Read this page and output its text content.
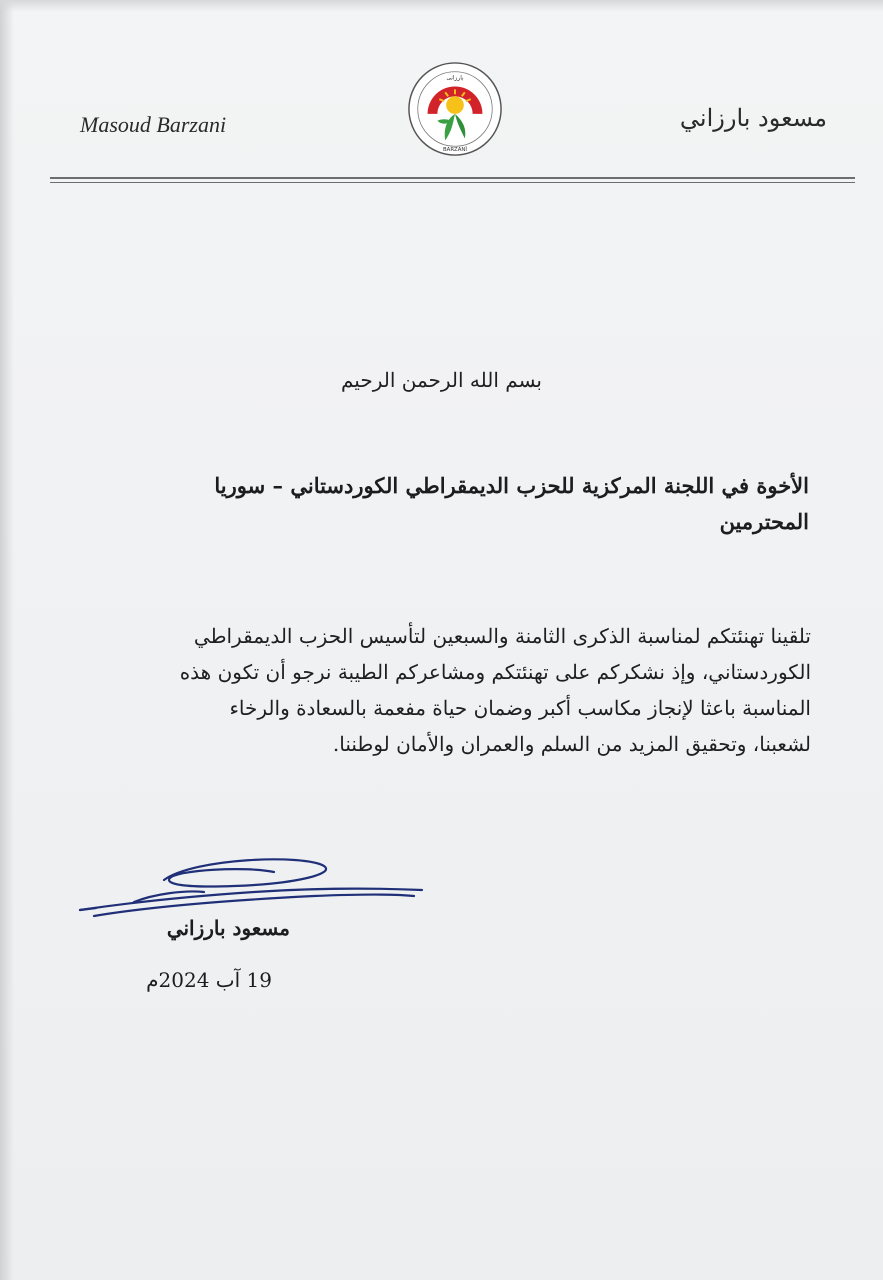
Masoud Barzani
بارزانی
BARZANÎ
مسعود بارزاني
بسم الله الرحمن الرحيم
الأخوة في اللجنة المركزية للحزب الديمقراطي الكوردستاني – سوريا
المحترمين
تلقينا تهنئتكم لمناسبة الذكرى الثامنة والسبعين لتأسيس الحزب الديمقراطي
الكوردستاني، وإذ نشكركم على تهنئتكم ومشاعركم الطيبة نرجو أن تكون هذه
المناسبة باعثا لإنجاز مكاسب أكبر وضمان حياة مفعمة بالسعادة والرخاء
لشعبنا، وتحقيق المزيد من السلم والعمران والأمان لوطننا.
مسعود بارزاني
19 آب 2024م
